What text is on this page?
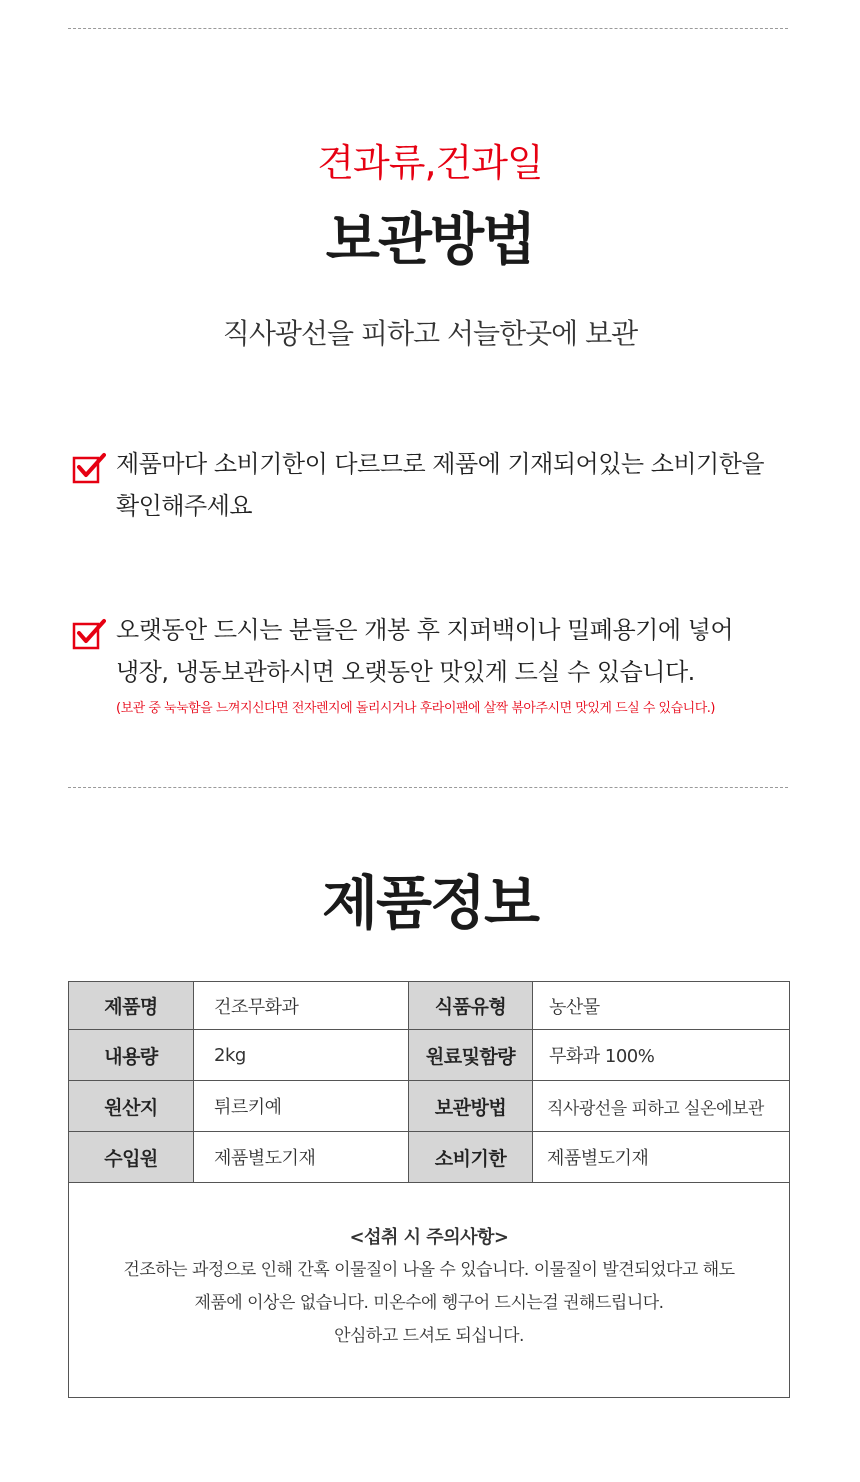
견과류,건과일
보관방법
직사광선을 피하고 서늘한곳에 보관
제품마다 소비기한이 다르므로 제품에 기재되어있는 소비기한을
확인해주세요
오랫동안 드시는 분들은 개봉 후 지퍼백이나 밀폐용기에 넣어
냉장, 냉동보관하시면 오랫동안 맛있게 드실 수 있습니다.
(보관 중 눅눅함을 느껴지신다면 전자렌지에 돌리시거나 후라이팬에 살짝 볶아주시면 맛있게 드실 수 있습니다.)
제품정보
제품명	건조무화과	식품유형	농산물
내용량	2kg	원료및함량	무화과 100%
원산지	튀르키예	보관방법	직사광선을 피하고 실온에보관
수입원	제품별도기재	소비기한	제품별도기재

<섭취 시 주의사항>
건조하는 과정으로 인해 간혹 이물질이 나올 수 있습니다. 이물질이 발견되었다고 해도
제품에 이상은 없습니다. 미온수에 헹구어 드시는걸 권해드립니다.
안심하고 드셔도 되십니다.			
